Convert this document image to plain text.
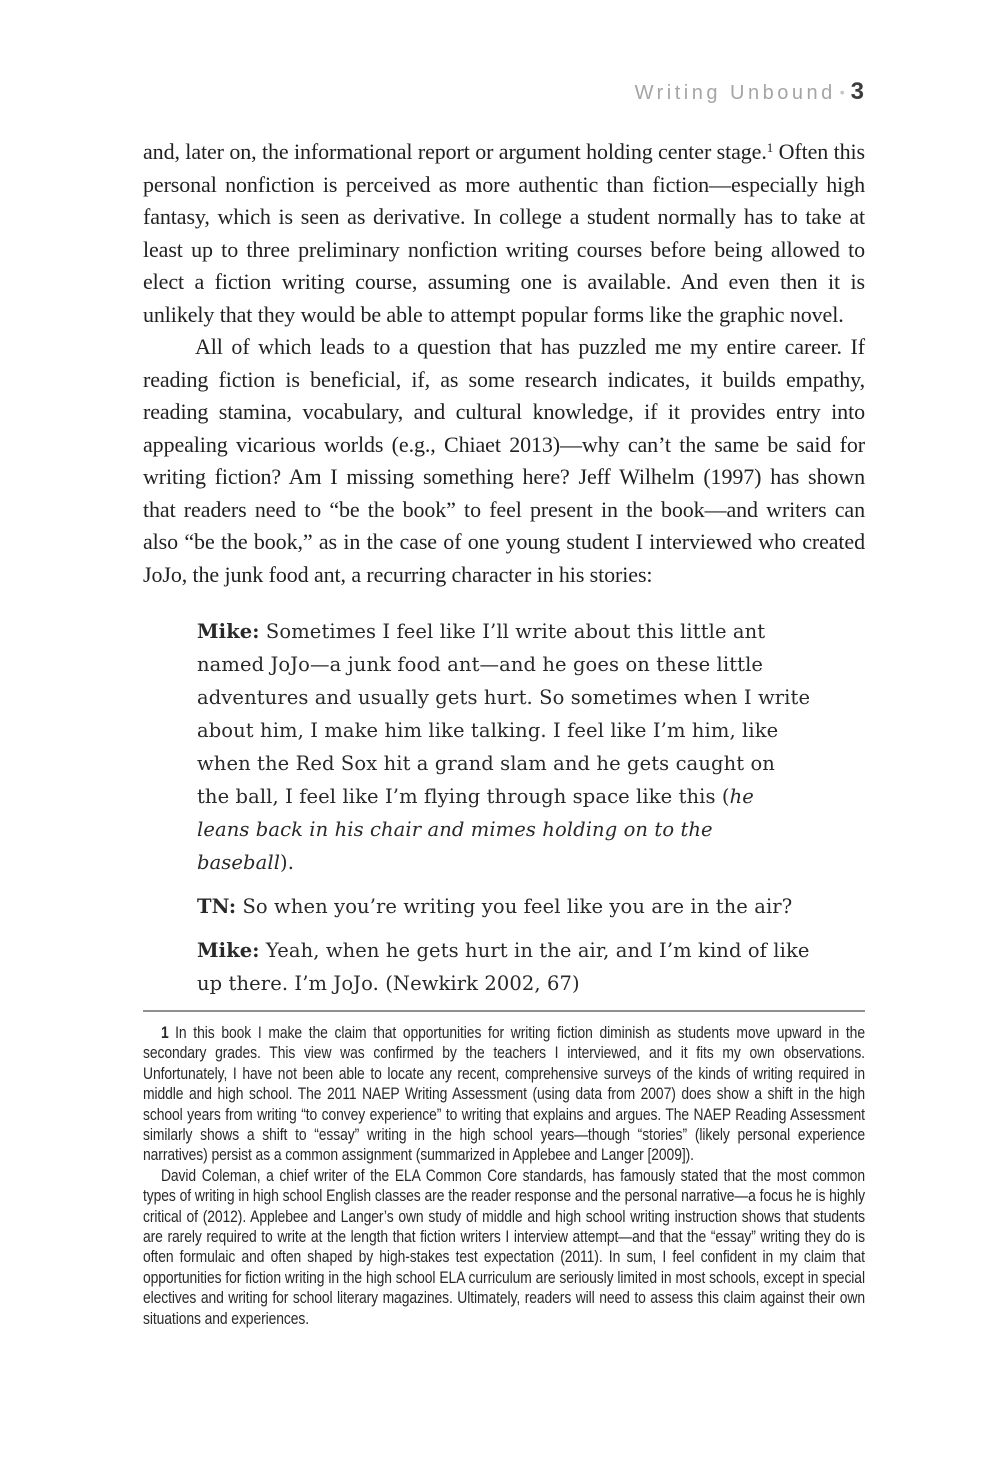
Writing Unbound • 3

and, later on, the informational report or argument holding center stage.$^1$ Often this personal nonfiction is perceived as more authentic than fiction—especially high fantasy, which is seen as derivative. In college a student normally has to take at least up to three preliminary nonfiction writing courses before being allowed to elect a fiction writing course, assuming one is available. And even then it is unlikely that they would be able to attempt popular forms like the graphic novel.

All of which leads to a question that has puzzled me my entire career. If reading fiction is beneficial, if, as some research indicates, it builds empathy, reading stamina, vocabulary, and cultural knowledge, if it provides entry into appealing vicarious worlds (e.g., Chiaet 2013)—why can’t the same be said for writing fiction? Am I missing something here? Jeff Wilhelm (1997) has shown that readers need to “be the book” to feel present in the book—and writers can also “be the book,” as in the case of one young student I interviewed who created JoJo, the junk food ant, a recurring character in his stories:

Mike: Sometimes I feel like I’ll write about this little ant named JoJo—a junk food ant—and he goes on these little adventures and usually gets hurt. So sometimes when I write about him, I make him like talking. I feel like I’m him, like when the Red Sox hit a grand slam and he gets caught on the ball, I feel like I’m flying through space like this (he leans back in his chair and mimes holding on to the baseball).

TN: So when you’re writing you feel like you are in the air?

Mike: Yeah, when he gets hurt in the air, and I’m kind of like up there. I’m JoJo. (Newkirk 2002, 67)

1 In this book I make the claim that opportunities for writing fiction diminish as students move upward in the secondary grades. This view was confirmed by the teachers I interviewed, and it fits my own observations. Unfortunately, I have not been able to locate any recent, comprehensive surveys of the kinds of writing required in middle and high school. The 2011 NAEP Writing Assessment (using data from 2007) does show a shift in the high school years from writing “to convey experience” to writing that explains and argues. The NAEP Reading Assessment similarly shows a shift to “essay” writing in the high school years—though “stories” (likely personal experience narratives) persist as a common assignment (summarized in Applebee and Langer [2009]).

David Coleman, a chief writer of the ELA Common Core standards, has famously stated that the most common types of writing in high school English classes are the reader response and the personal narrative—a focus he is highly critical of (2012). Applebee and Langer’s own study of middle and high school writing instruction shows that students are rarely required to write at the length that fiction writers I interview attempt—and that the “essay” writing they do is often formulaic and often shaped by high-stakes test expectation (2011). In sum, I feel confident in my claim that opportunities for fiction writing in the high school ELA curriculum are seriously limited in most schools, except in special electives and writing for school literary magazines. Ultimately, readers will need to assess this claim against their own situations and experiences.
